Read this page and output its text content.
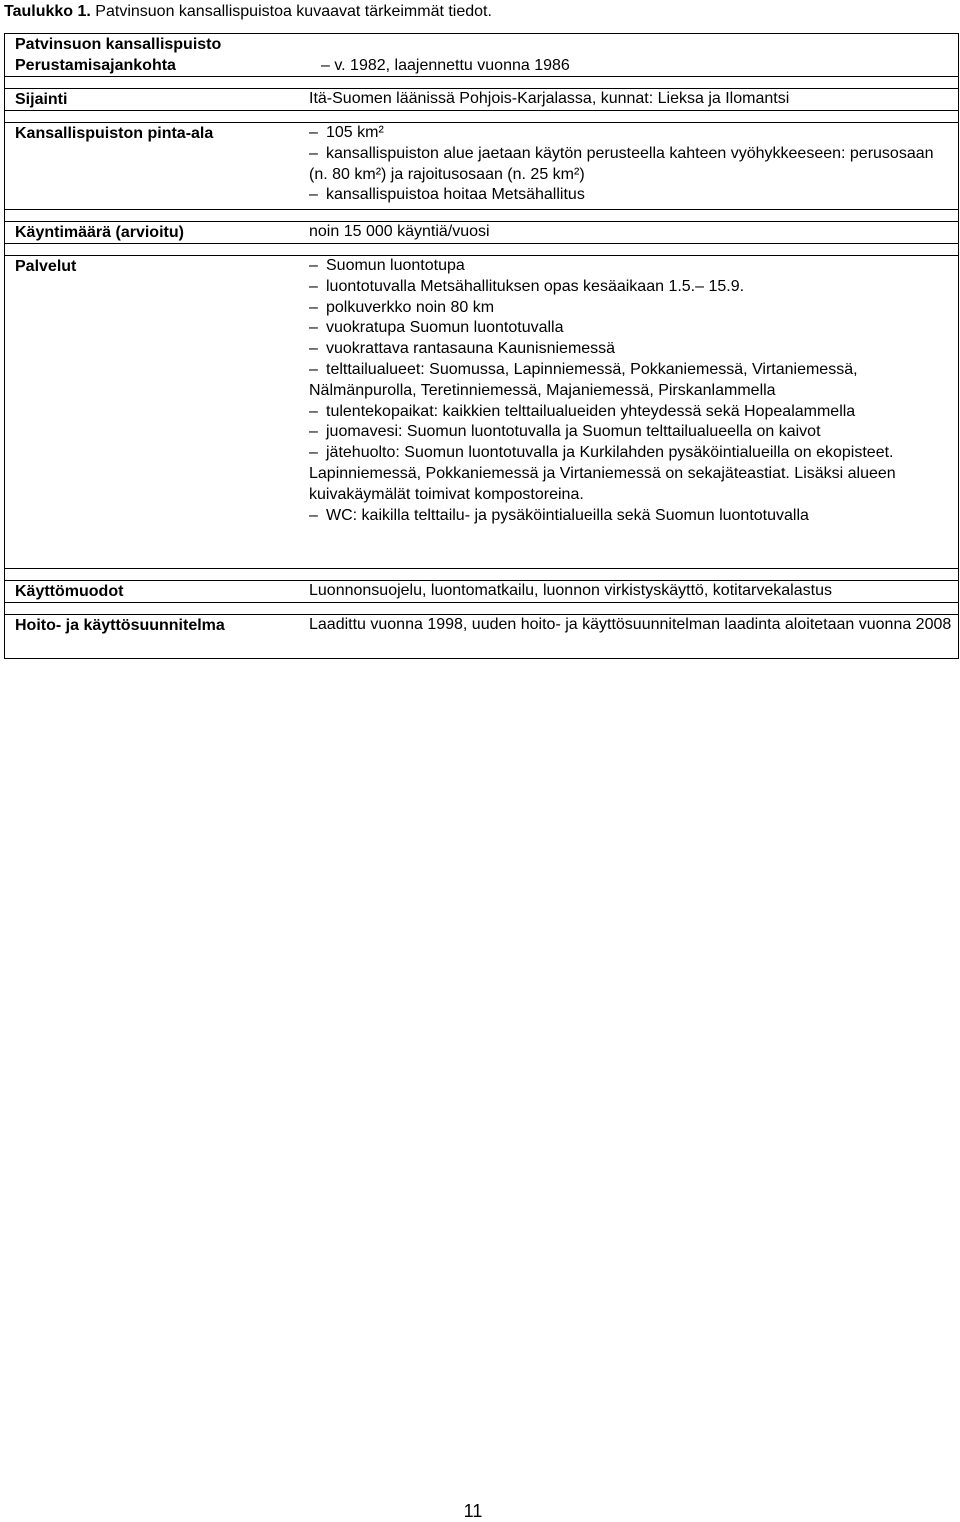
Taulukko 1. Patvinsuon kansallispuistoa kuvaavat tärkeimmät tiedot.
Patvinsuon kansallispuisto
Perustamisajankohta	– v. 1982, laajennettu vuonna 1986
Sijainti	Itä-Suomen läänissä Pohjois-Karjalassa, kunnat: Lieksa ja Ilomantsi
Kansallispuiston pinta-ala	– 105 km²
– kansallispuiston alue jaetaan käytön perusteella kahteen vyöhykkeeseen: perusosaan (n. 80 km²) ja rajoitusosaan (n. 25 km²)
– kansallispuistoa hoitaa Metsähallitus
Käyntimäärä (arvioitu)	noin 15 000 käyntiä/vuosi
Palvelut	– Suomun luontotupa
– luontotuvalla Metsähallituksen opas kesäaikaan 1.5.– 15.9.
– polkuverkko noin 80 km
– vuokratupa Suomun luontotuvalla
– vuokrattava rantasauna Kaunisniemessä
– telttailualueet: Suomussa, Lapinniemessä, Pokkaniemessä, Virtaniemessä, Nälmänpurolla, Teretinniemessä, Majaniemessä, Pirskanlammella
– tulentekopaikat: kaikkien telttailualueiden yhteydessä sekä Hopealammella
– juomavesi: Suomun luontotuvalla ja Suomun telttailualueella on kaivot
– jätehuolto: Suomun luontotuvalla ja Kurkilahden pysäköintialueilla on ekopisteet. Lapinniemessä, Pokkaniemessä ja Virtaniemessä on sekajäteastiat. Lisäksi alueen kuivakäymälät toimivat kompostoreina.
– WC: kaikilla telttailu- ja pysäköintialueilla sekä Suomun luontotuvalla
Käyttömuodot	Luonnonsuojelu, luontomatkailu, luonnon virkistyskäyttö, kotitarvekalastus
Hoito- ja käyttösuunnitelma	Laadittu vuonna 1998, uuden hoito- ja käyttösuunnitelman laadinta aloitetaan vuonna 2008
11
